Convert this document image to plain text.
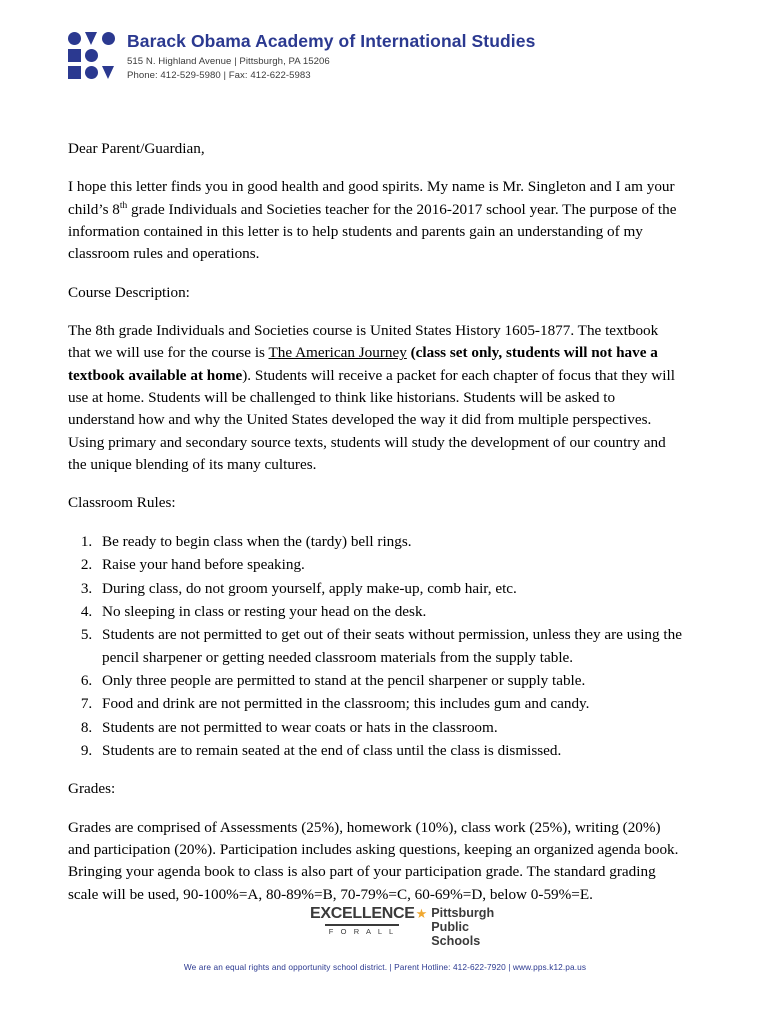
Barack Obama Academy of International Studies
515 N. Highland Avenue | Pittsburgh, PA 15206
Phone: 412-529-5980 | Fax: 412-622-5983

Dear Parent/Guardian,

I hope this letter finds you in good health and good spirits. My name is Mr. Singleton and I am your child’s 8th grade Individuals and Societies teacher for the 2016-2017 school year. The purpose of the information contained in this letter is to help students and parents gain an understanding of my classroom rules and operations.

Course Description:

The 8th grade Individuals and Societies course is United States History 1605-1877. The textbook that we will use for the course is The American Journey (class set only, students will not have a textbook available at home). Students will receive a packet for each chapter of focus that they will use at home. Students will be challenged to think like historians. Students will be asked to understand how and why the United States developed the way it did from multiple perspectives. Using primary and secondary source texts, students will study the development of our country and the unique blending of its many cultures.

Classroom Rules:

1. Be ready to begin class when the (tardy) bell rings.
2. Raise your hand before speaking.
3. During class, do not groom yourself, apply make-up, comb hair, etc.
4. No sleeping in class or resting your head on the desk.
5. Students are not permitted to get out of their seats without permission, unless they are using the pencil sharpener or getting needed classroom materials from the supply table.
6. Only three people are permitted to stand at the pencil sharpener or supply table.
7. Food and drink are not permitted in the classroom; this includes gum and candy.
8. Students are not permitted to wear coats or hats in the classroom.
9. Students are to remain seated at the end of class until the class is dismissed.

Grades:

Grades are comprised of Assessments (25%), homework (10%), class work (25%), writing (20%) and participation (20%). Participation includes asking questions, keeping an organized agenda book. Bringing your agenda book to class is also part of your participation grade. The standard grading scale will be used, 90-100%=A, 80-89%=B, 70-79%=C, 60-69%=D, below 0-59%=E.

EXCELLENCE
F O R A L L
★ Pittsburgh
Public
Schools
We are an equal rights and opportunity school district. | Parent Hotline: 412-622-7920 | www.pps.k12.pa.us
